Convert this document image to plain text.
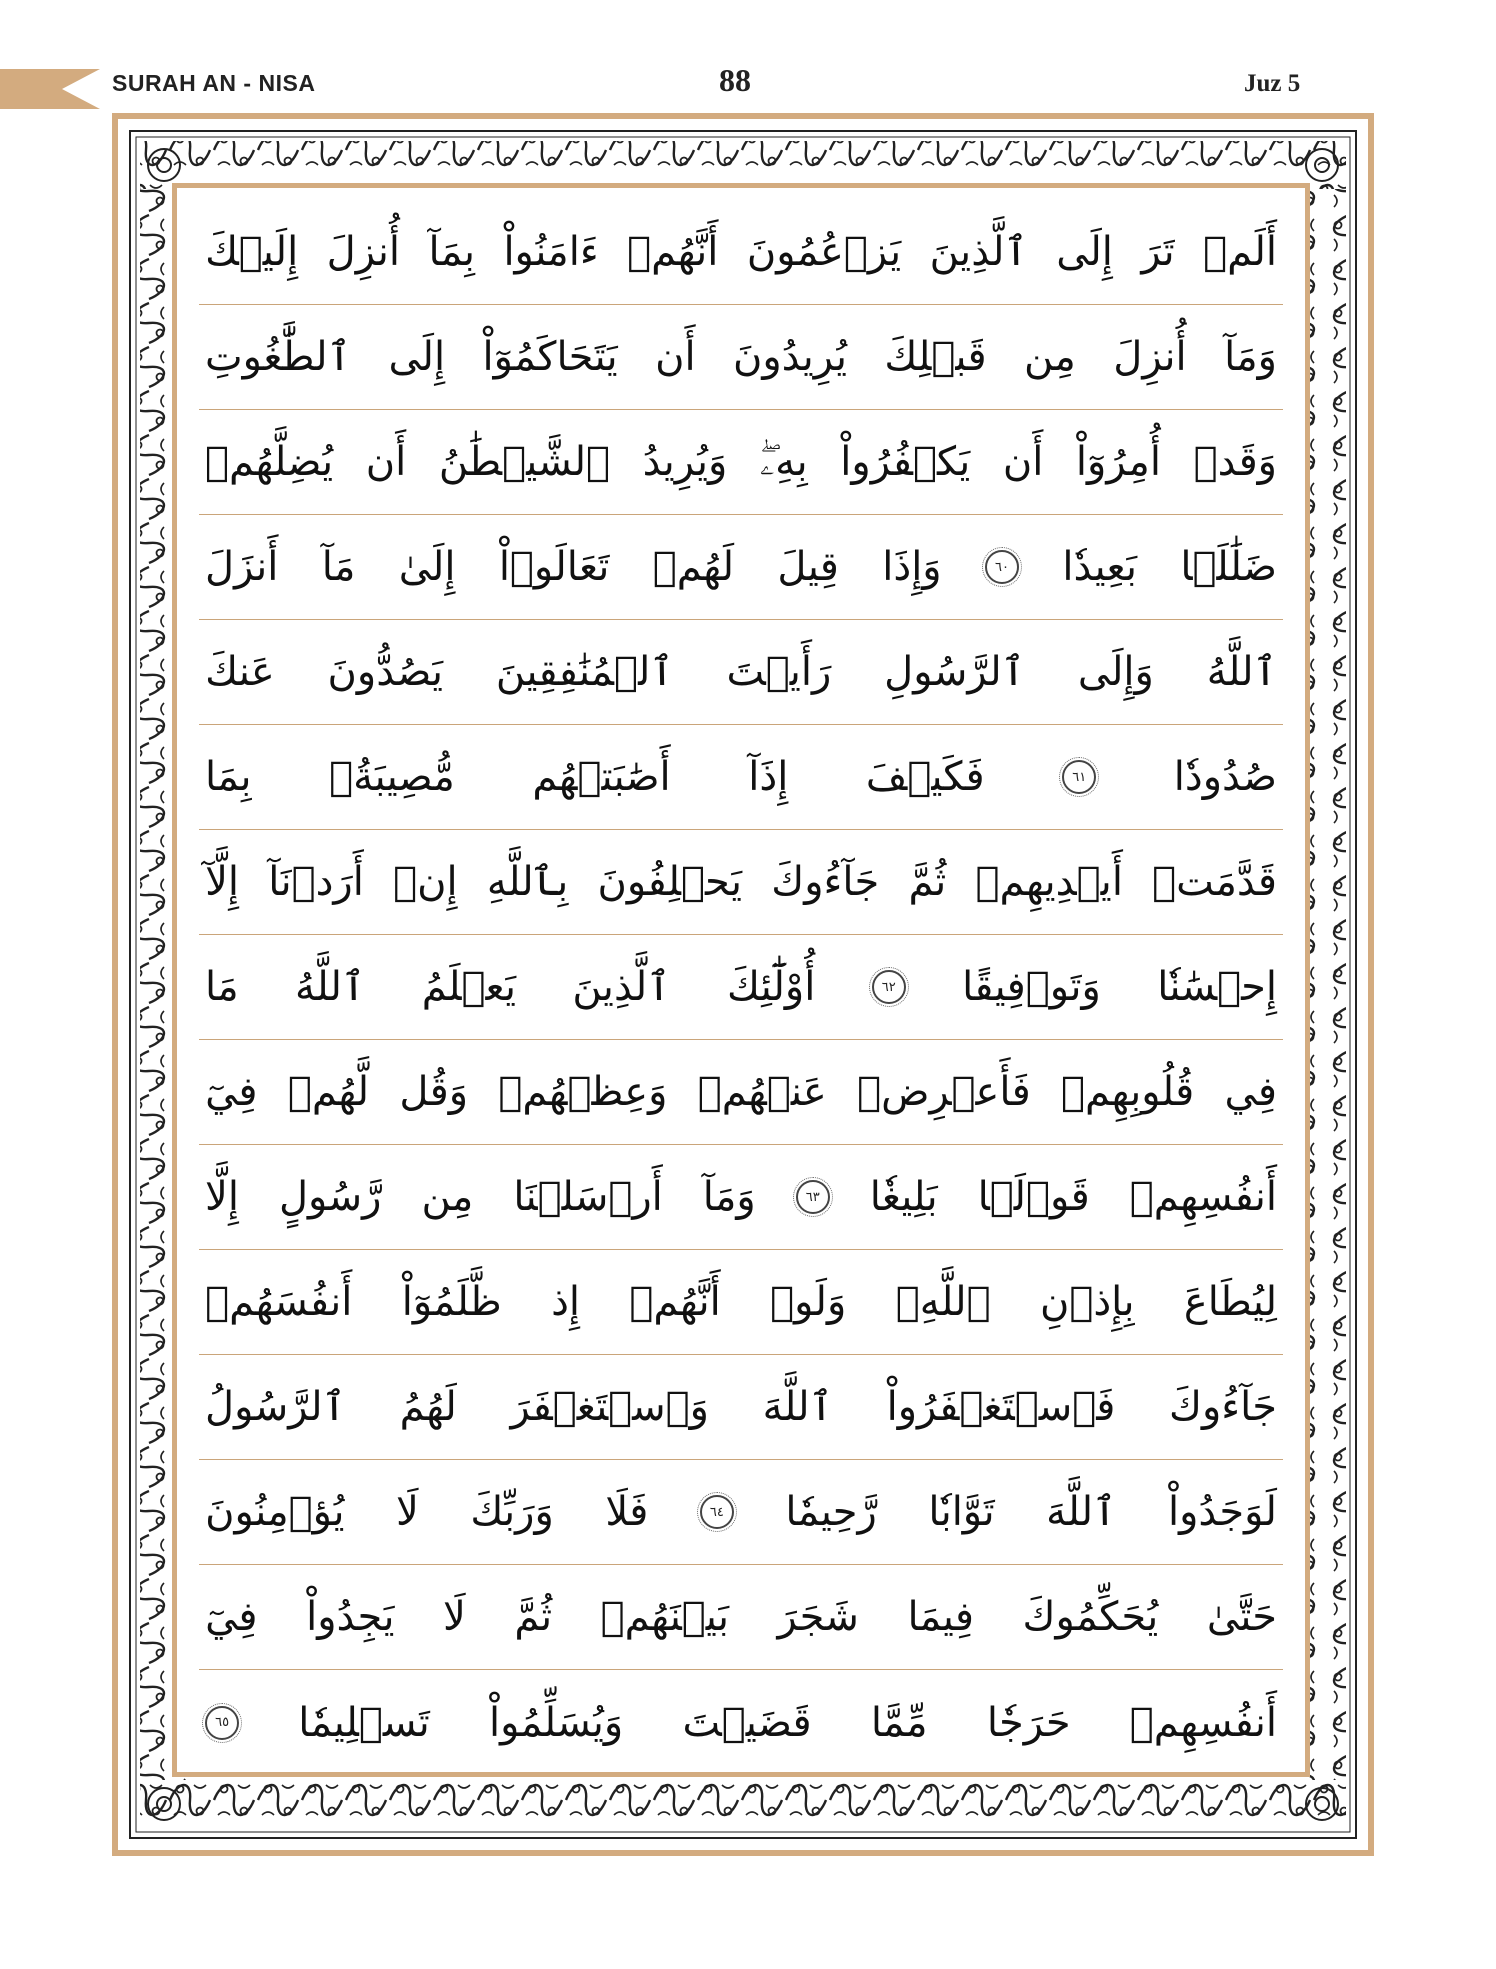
SURAH AN - NISA	88	Juz 5
أَلَمۡ
تَرَ
إِلَى
ٱلَّذِينَ
يَزۡعُمُونَ
أَنَّهُمۡ
ءَامَنُواْ
بِمَآ
أُنزِلَ
إِلَيۡكَ
وَمَآ
أُنزِلَ
مِن
قَبۡلِكَ
يُرِيدُونَ
أَن
يَتَحَاكَمُوٓاْ
إِلَى
ٱلطَّٰغُوتِ
وَقَدۡ
أُمِرُوٓاْ
أَن
يَكۡفُرُواْ
بِهِۦۖ
وَيُرِيدُ
ٱلشَّيۡطَٰنُ
أَن
يُضِلَّهُمۡ
ضَلَٰلَۢا
بَعِيدٗا
٦٠
وَإِذَا
قِيلَ
لَهُمۡ
تَعَالَوۡاْ
إِلَىٰ
مَآ
أَنزَلَ
ٱللَّهُ
وَإِلَى
ٱلرَّسُولِ
رَأَيۡتَ
ٱلۡمُنَٰفِقِينَ
يَصُدُّونَ
عَنكَ
صُدُودٗا
٦١
فَكَيۡفَ
إِذَآ
أَصَٰبَتۡهُم
مُّصِيبَةُۢ
بِمَا
قَدَّمَتۡ
أَيۡدِيهِمۡ
ثُمَّ
جَآءُوكَ
يَحۡلِفُونَ
بِٱللَّهِ
إِنۡ
أَرَدۡنَآ
إِلَّآ
إِحۡسَٰنٗا
وَتَوۡفِيقًا
٦٢
أُوْلَٰٓئِكَ
ٱلَّذِينَ
يَعۡلَمُ
ٱللَّهُ
مَا
فِي
قُلُوبِهِمۡ
فَأَعۡرِضۡ
عَنۡهُمۡ
وَعِظۡهُمۡ
وَقُل
لَّهُمۡ
فِيٓ
أَنفُسِهِمۡ
قَوۡلَۢا
بَلِيغٗا
٦٣
وَمَآ
أَرۡسَلۡنَا
مِن
رَّسُولٍ
إِلَّا
لِيُطَاعَ
بِإِذۡنِ
ٱللَّهِۚ
وَلَوۡ
أَنَّهُمۡ
إِذ
ظَّلَمُوٓاْ
أَنفُسَهُمۡ
جَآءُوكَ
فَٱسۡتَغۡفَرُواْ
ٱللَّهَ
وَٱسۡتَغۡفَرَ
لَهُمُ
ٱلرَّسُولُ
لَوَجَدُواْ
ٱللَّهَ
تَوَّابٗا
رَّحِيمٗا
٦٤
فَلَا
وَرَبِّكَ
لَا
يُؤۡمِنُونَ
حَتَّىٰ
يُحَكِّمُوكَ
فِيمَا
شَجَرَ
بَيۡنَهُمۡ
ثُمَّ
لَا
يَجِدُواْ
فِيٓ
أَنفُسِهِمۡ
حَرَجٗا
مِّمَّا
قَضَيۡتَ
وَيُسَلِّمُواْ
تَسۡلِيمٗا
٦٥
